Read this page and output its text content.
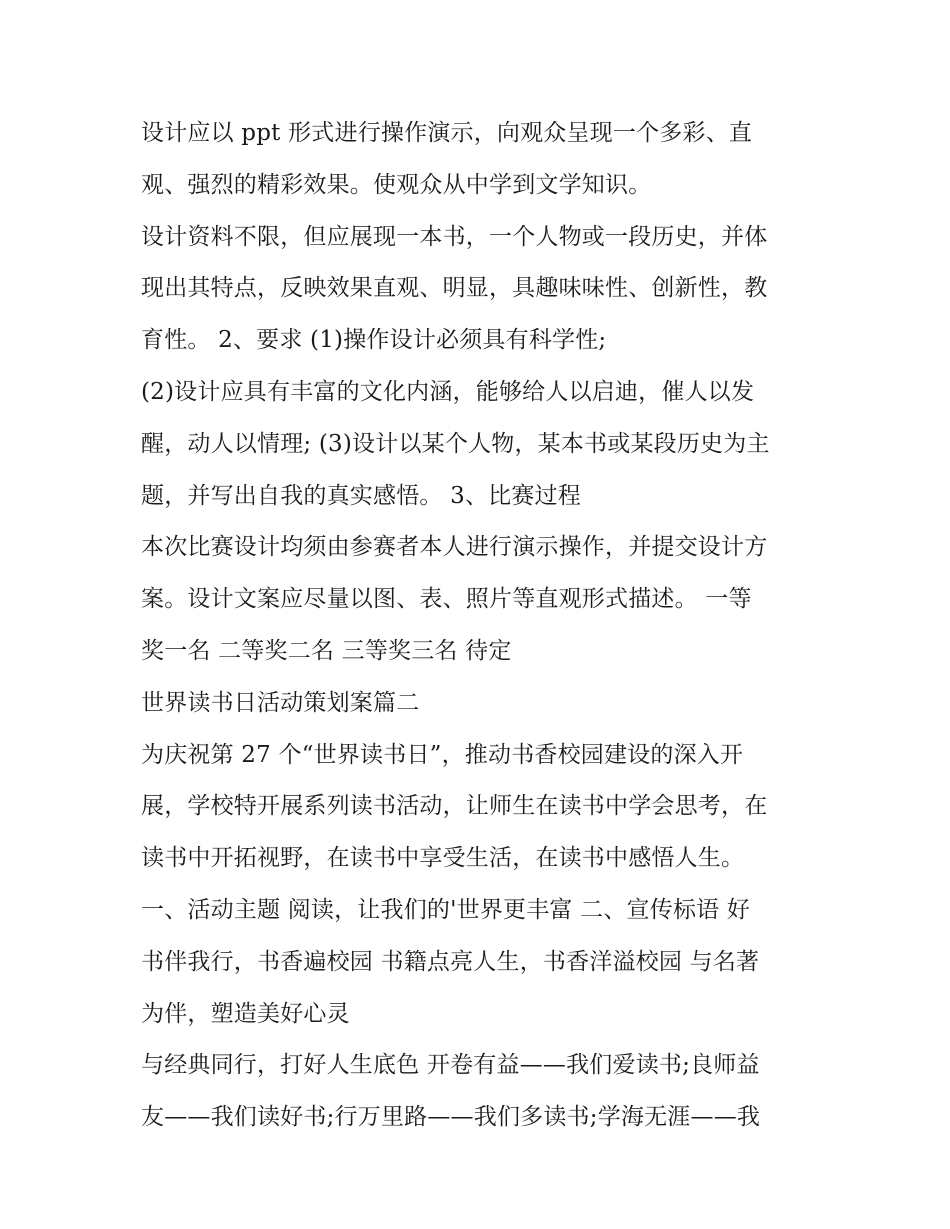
设计应以 ppt 形式进行操作演示，向观众呈现一个多彩、直
观、强烈的精彩效果。使观众从中学到文学知识。
设计资料不限，但应展现一本书，一个人物或一段历史，并体
现出其特点，反映效果直观、明显，具趣味味性、创新性，教
育性。 2、要求 (1)操作设计必须具有科学性;
(2)设计应具有丰富的文化内涵，能够给人以启迪，催人以发
醒，动人以情理; (3)设计以某个人物，某本书或某段历史为主
题，并写出自我的真实感悟。 3、比赛过程
本次比赛设计均须由参赛者本人进行演示操作，并提交设计方
案。设计文案应尽量以图、表、照片等直观形式描述。 一等
奖一名 二等奖二名 三等奖三名 待定
世界读书日活动策划案篇二
为庆祝第 27 个“世界读书日”，推动书香校园建设的深入开
展，学校特开展系列读书活动，让师生在读书中学会思考，在
读书中开拓视野，在读书中享受生活，在读书中感悟人生。
一、活动主题 阅读，让我们的'世界更丰富 二、宣传标语 好
书伴我行，书香遍校园 书籍点亮人生，书香洋溢校园 与名著
为伴，塑造美好心灵
与经典同行，打好人生底色 开卷有益——我们爱读书;良师益
友——我们读好书;行万里路——我们多读书;学海无涯——我
